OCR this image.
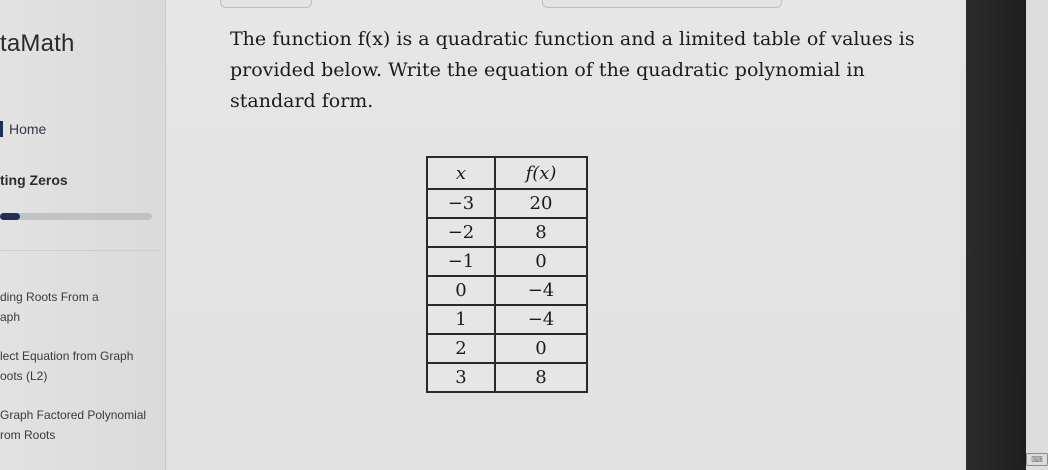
taMath
Home
ting Zeros
ding Roots From a
aph
lect Equation from Graph
oots (L2)
Graph Factored Polynomial
rom Roots
The function f(x) is a quadratic function and a limited table of values is
provided below. Write the equation of the quadratic polynomial in
standard form.
x	f(x)
−3	20
−2	8
−1	0
0	−4
1	−4
2	0
3	8
⌨
